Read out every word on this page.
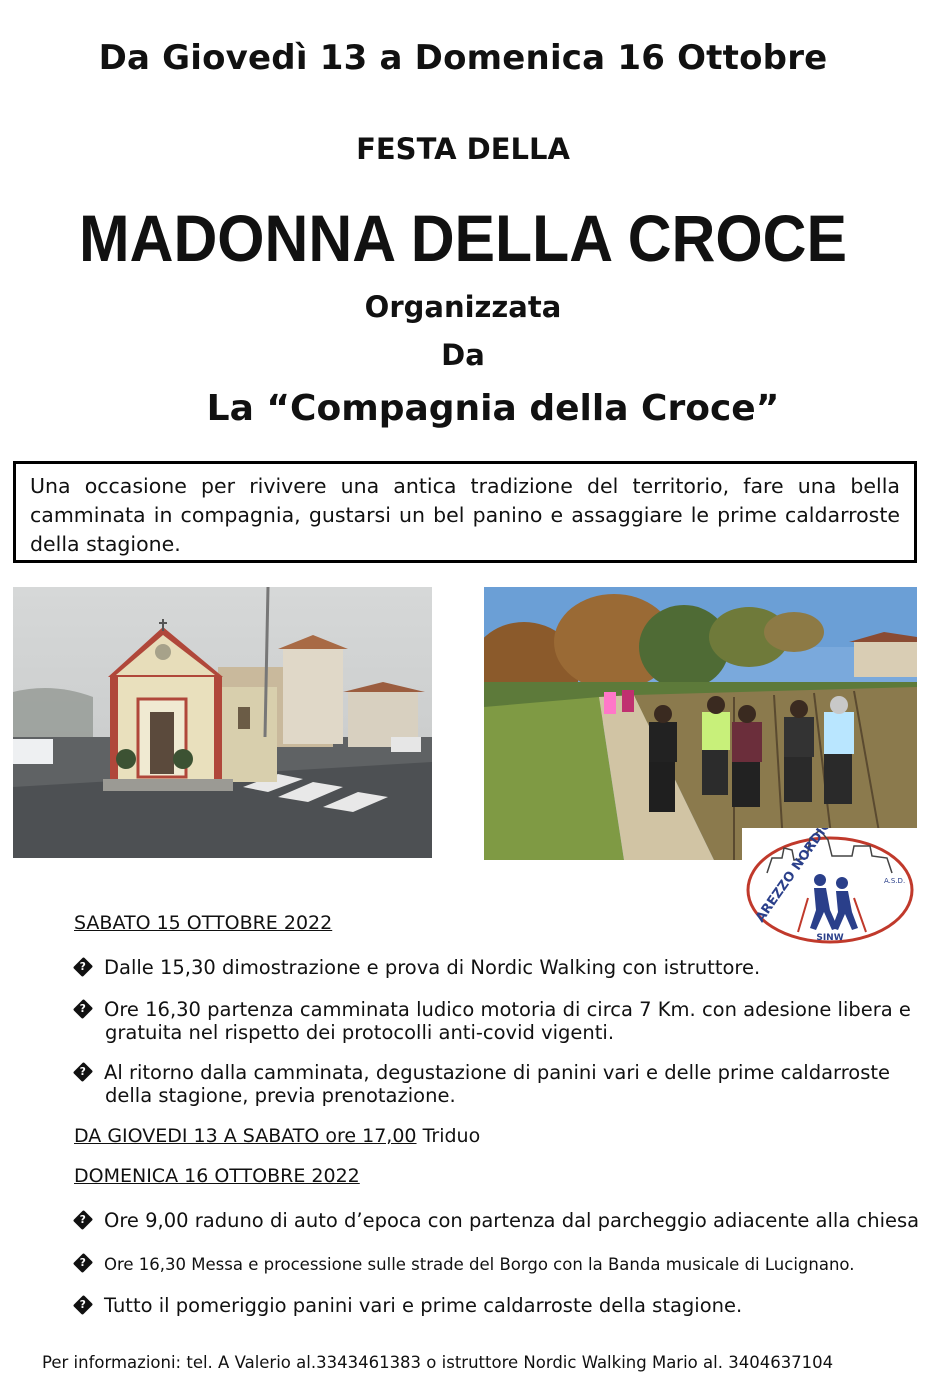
Da Giovedì 13 a Domenica 16 Ottobre
FESTA DELLA
MADONNA DELLA CROCE
Organizzata
Da
La “Compagnia della Croce”
Una occasione per rivivere una antica tradizione del territorio, fare una bella camminata in compagnia, gustarsi un bel panino e assaggiare le prime caldarroste della stagione.
A.S.D.
SINW
SABATO 15 OTTOBRE 2022
?Dalle 15,30 dimostrazione e prova di Nordic Walking con istruttore.
?Ore 16,30 partenza camminata ludico motoria di circa 7 Km. con adesione libera e
gratuita nel rispetto dei protocolli anti-covid vigenti.
?Al ritorno dalla camminata, degustazione di panini vari e delle prime caldarroste
della stagione, previa prenotazione.
DA GIOVEDI 13 A SABATO ore 17,00 Triduo
DOMENICA 16 OTTOBRE 2022
?Ore 9,00 raduno di auto d’epoca con partenza dal parcheggio adiacente alla chiesa
?Ore 16,30 Messa e processione sulle strade del Borgo con la Banda musicale di Lucignano.
?Tutto il pomeriggio panini vari e prime caldarroste della stagione.
Per informazioni: tel. A Valerio al.3343461383 o istruttore Nordic Walking Mario al. 3404637104
